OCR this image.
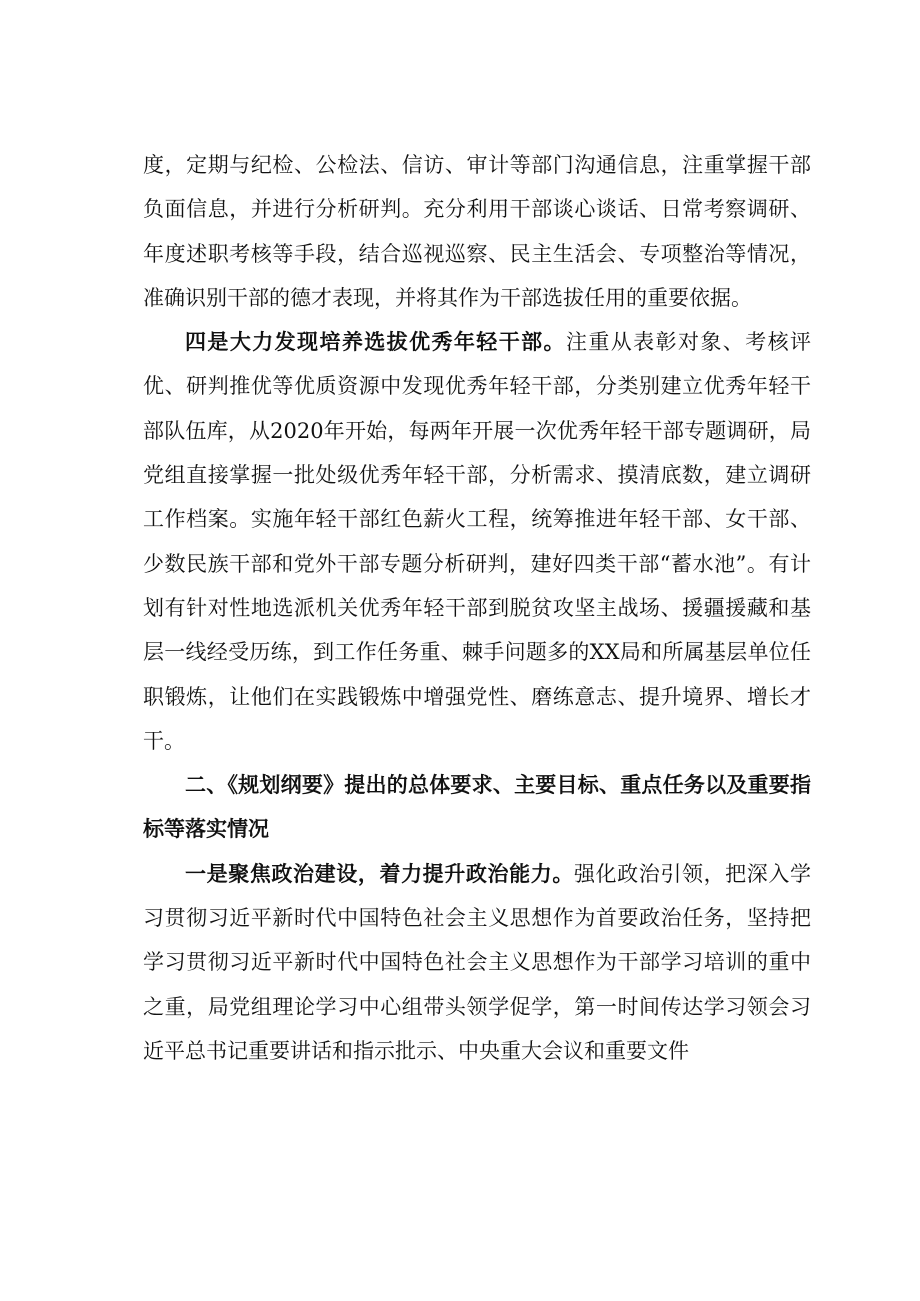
度，定期与纪检、公检法、信访、审计等部门沟通信息，注重掌握干部负面信息，并进行分析研判。充分利用干部谈心谈话、日常考察调研、年度述职考核等手段，结合巡视巡察、民主生活会、专项整治等情况，准确识别干部的德才表现，并将其作为干部选拔任用的重要依据。

四是大力发现培养选拔优秀年轻干部。注重从表彰对象、考核评优、研判推优等优质资源中发现优秀年轻干部，分类别建立优秀年轻干部队伍库，从2020年开始，每两年开展一次优秀年轻干部专题调研，局党组直接掌握一批处级优秀年轻干部，分析需求、摸清底数，建立调研工作档案。实施年轻干部红色薪火工程，统筹推进年轻干部、女干部、少数民族干部和党外干部专题分析研判，建好四类干部“蓄水池”。有计划有针对性地选派机关优秀年轻干部到脱贫攻坚主战场、援疆援藏和基层一线经受历练，到工作任务重、棘手问题多的XX局和所属基层单位任职锻炼，让他们在实践锻炼中增强党性、磨练意志、提升境界、增长才干。

二、《规划纲要》提出的总体要求、主要目标、重点任务以及重要指标等落实情况

一是聚焦政治建设，着力提升政治能力。强化政治引领，把深入学习贯彻习近平新时代中国特色社会主义思想作为首要政治任务，坚持把学习贯彻习近平新时代中国特色社会主义思想作为干部学习培训的重中之重，局党组理论学习中心组带头领学促学，第一时间传达学习领会习近平总书记重要讲话和指示批示、中央重大会议和重要文件
